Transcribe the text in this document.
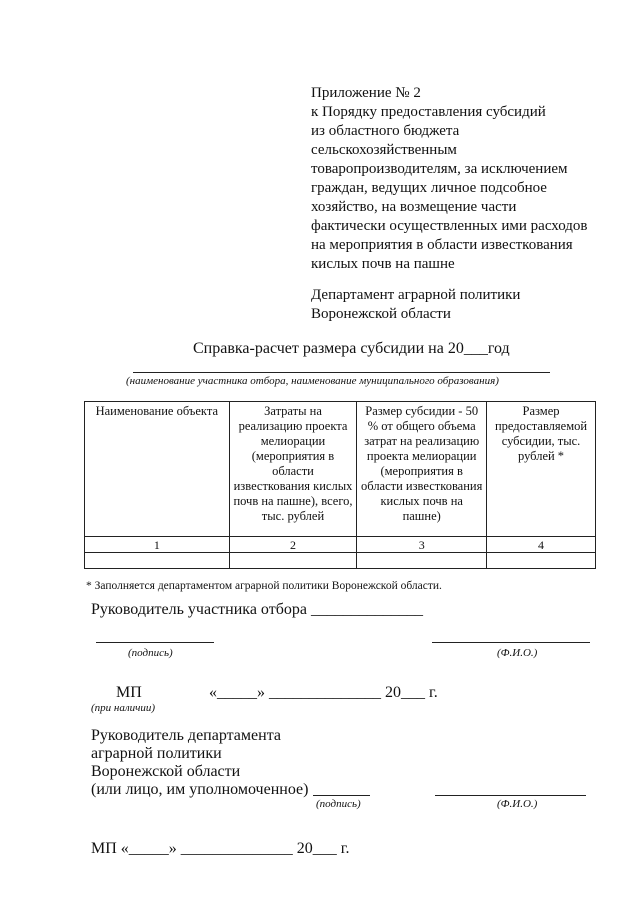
Приложение № 2
к Порядку предоставления субсидий
из областного бюджета
сельскохозяйственным
товаропроизводителям, за исключением
граждан, ведущих личное подсобное
хозяйство, на возмещение части
фактически осуществленных ими расходов
на мероприятия в области известкования
кислых почв на пашне
Департамент аграрной политики
Воронежской области
Справка-расчет размера субсидии на 20___год
(наименование участника отбора, наименование муниципального образования)
Наименование объекта	Затраты на реализацию проекта мелиорации (мероприятия в области известкования кислых почв на пашне), всего, тыс. рублей	Размер субсидии - 50 % от общего объема затрат на реализацию проекта мелиорации (мероприятия в области известкования кислых почв на пашне)	Размер предоставляемой субсидии, тыс. рублей *
1	2	3	4

* Заполняется департаментом аграрной политики Воронежской области.
Руководитель участника отбора ______________
(подпись)	(Ф.И.О.)
МП	«_____» ______________ 20___ г.
(при наличии)
Руководитель департамента
аграрной политики
Воронежской области
(или лицо, им уполномоченное)
(подпись)	(Ф.И.О.)
МП «_____» ______________ 20___ г.
